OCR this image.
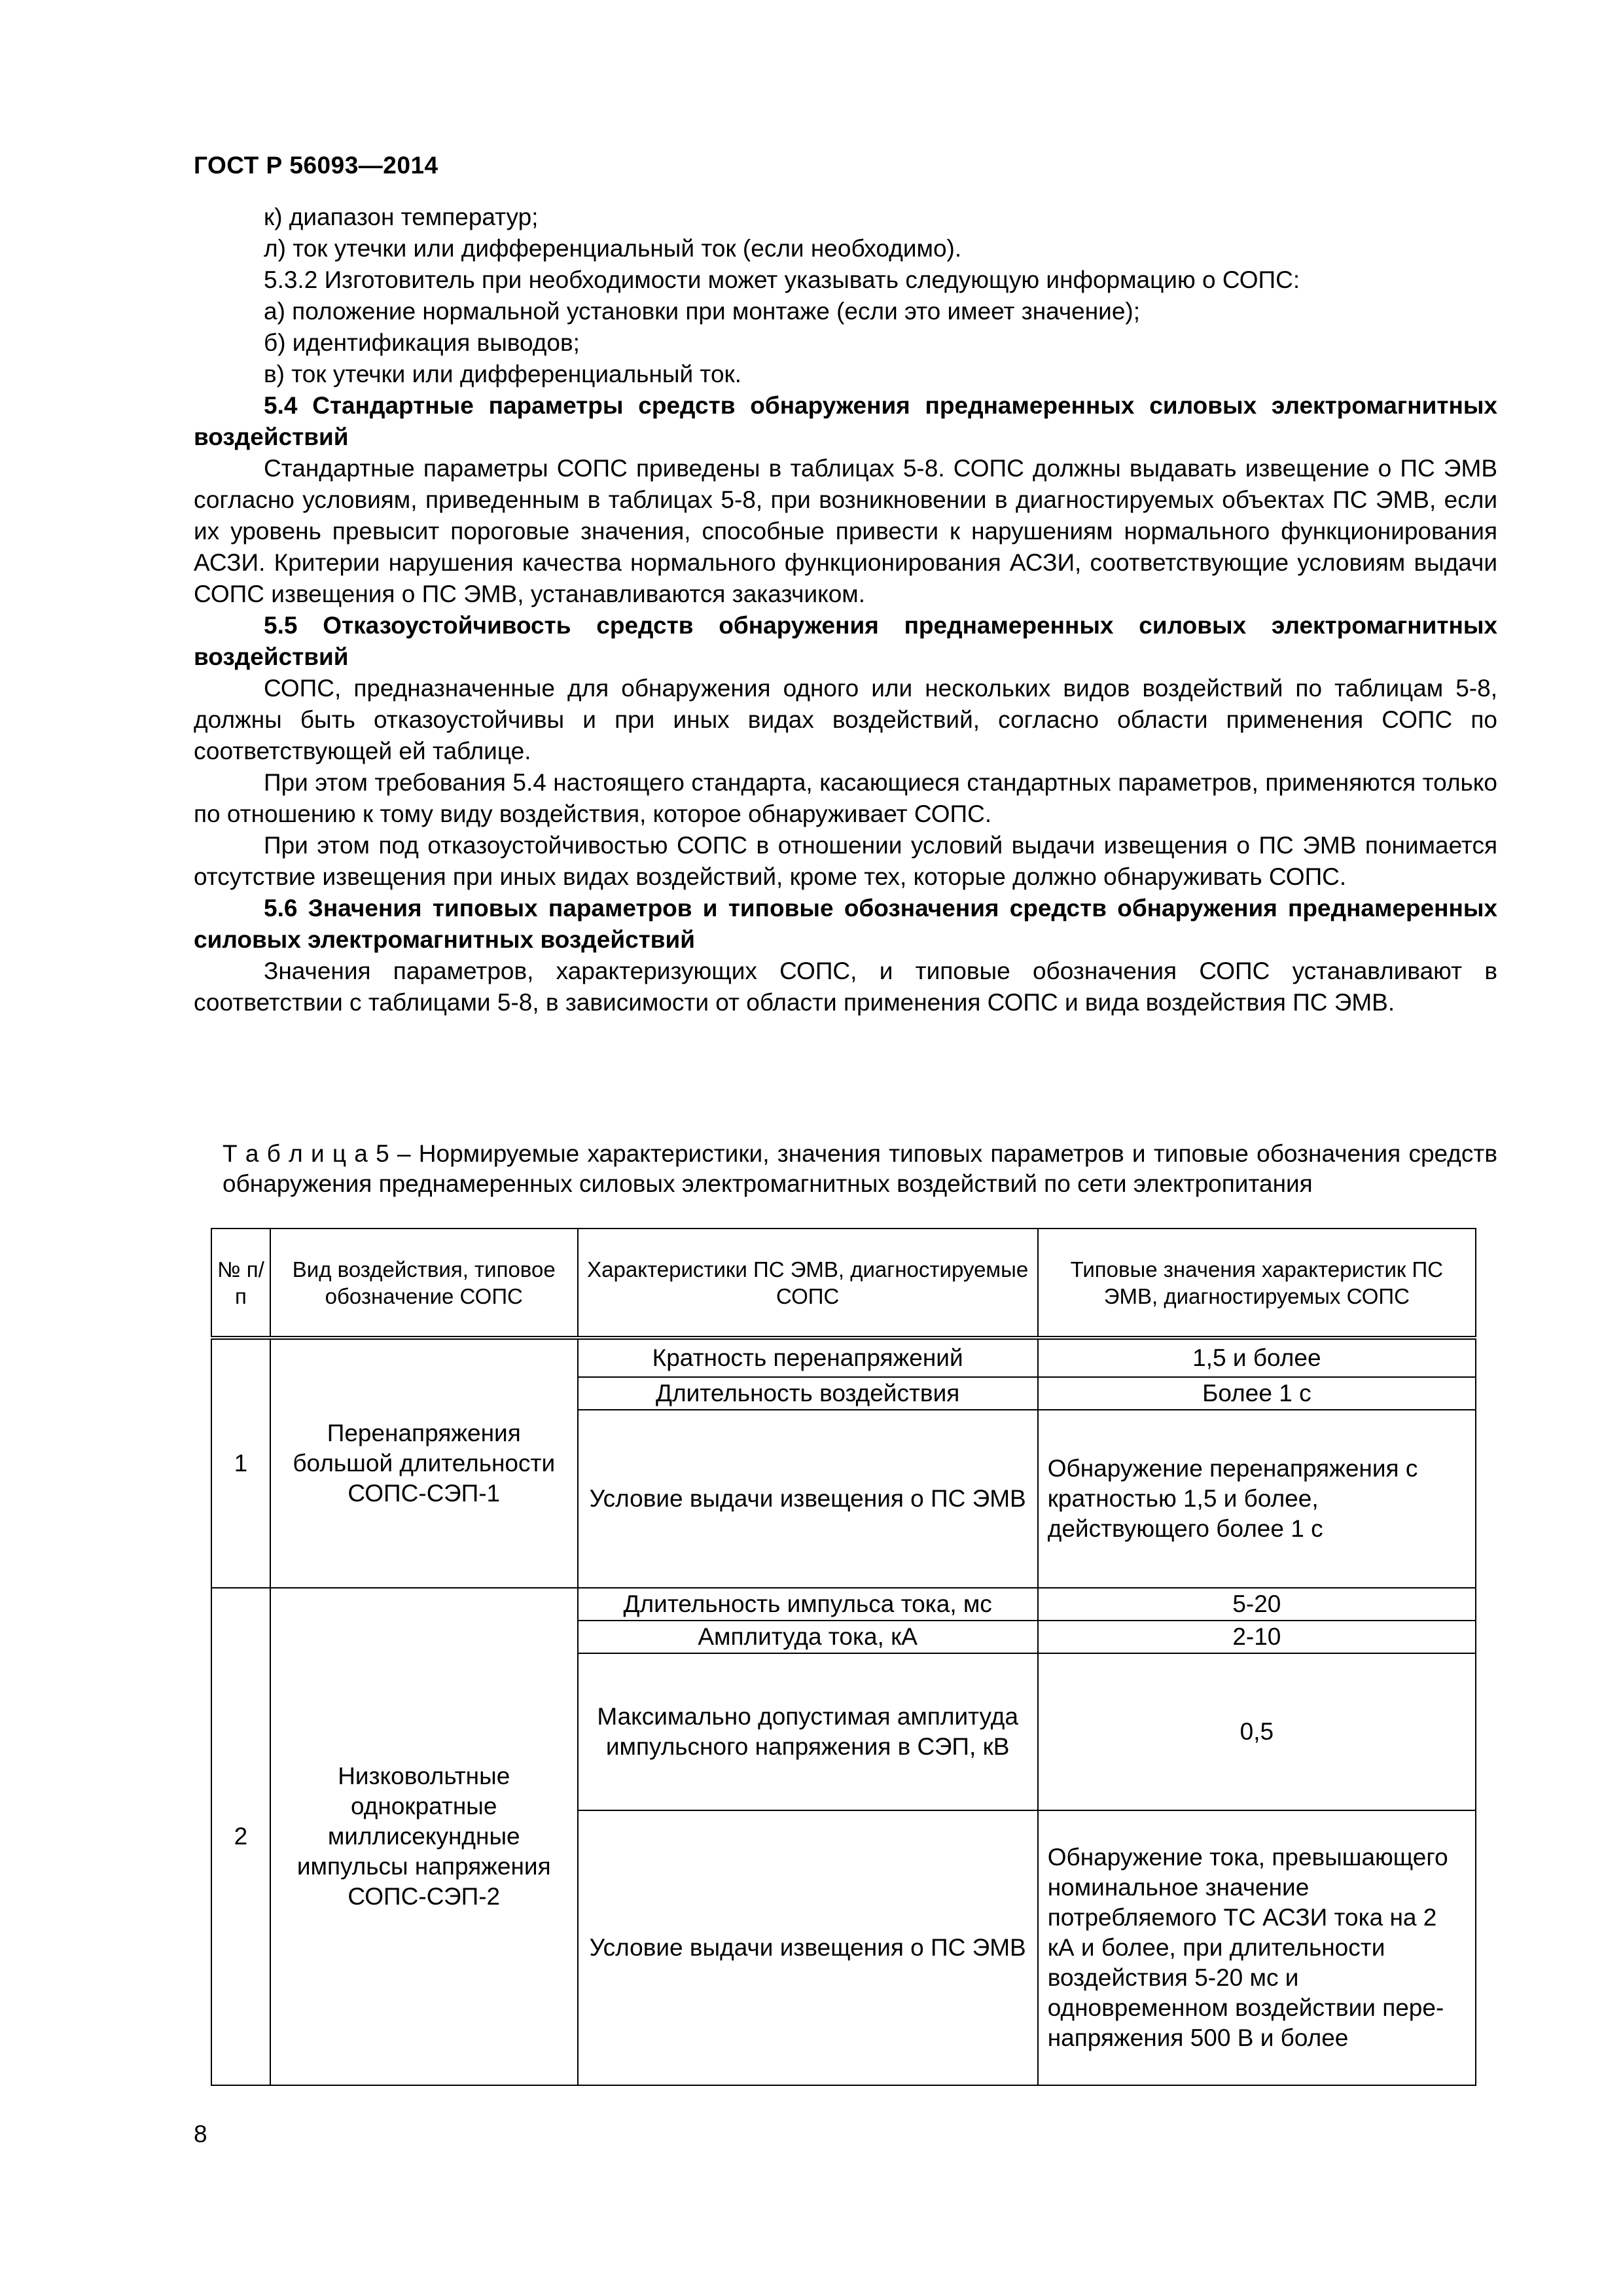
ГОСТ Р 56093—2014
к) диапазон температур;
л) ток утечки или дифференциальный ток (если необходимо).
5.3.2 Изготовитель при необходимости может указывать следующую информацию о СОПС:
а) положение нормальной установки при монтаже (если это имеет значение);
б) идентификация выводов;
в) ток утечки или дифференциальный ток.

5.4 Стандартные параметры средств обнаружения преднамеренных силовых электромагнитных воздействий

Стандартные параметры СОПС приведены в таблицах 5-8. СОПС должны выдавать извещение о ПС ЭМВ согласно условиям, приведенным в таблицах 5-8, при возникновении в диагностируемых объектах ПС ЭМВ, если их уровень превысит пороговые значения, способные привести к нарушениям нормального функционирования АСЗИ. Критерии нарушения качества нормального функционирования АСЗИ, соответствующие условиям выдачи СОПС извещения о ПС ЭМВ, устанавливаются заказчиком.

5.5 Отказоустойчивость средств обнаружения преднамеренных силовых электромагнитных воздействий

СОПС, предназначенные для обнаружения одного или нескольких видов воздействий по таблицам 5-8, должны быть отказоустойчивы и при иных видах воздействий, согласно области применения СОПС по соответствующей ей таблице.

При этом требования 5.4 настоящего стандарта, касающиеся стандартных параметров, применяются только по отношению к тому виду воздействия, которое обнаруживает СОПС.

При этом под отказоустойчивостью СОПС в отношении условий выдачи извещения о ПС ЭМВ понимается отсутствие извещения при иных видах воздействий, кроме тех, которые должно обнаруживать СОПС.

5.6 Значения типовых параметров и типовые обозначения средств обнаружения преднамеренных силовых электромагнитных воздействий

Значения параметров, характеризующих СОПС, и типовые обозначения СОПС устанавливают в соответствии с таблицами 5-8, в зависимости от области применения СОПС и вида воздействия ПС ЭМВ.

Т а б л и ц а 5 – Нормируемые характеристики, значения типовых параметров и типовые обозначения средств обнаружения преднамеренных силовых электромагнитных воздействий по сети электропитания
№ п/п	Вид воздействия, типовое обозначение СОПС	Характеристики ПС ЭМВ, диагностируемые СОПС	Типовые значения характеристик ПС ЭМВ, диагностируемых СОПС
1	Перенапряжения большой длительности СОПС-СЭП-1	Кратность перенапряжений	1,5 и более
		Длительность воздействия	Более 1 с
		Условие выдачи извещения о ПС ЭМВ	Обнаружение перенапряжения с кратностью 1,5 и более, действующего более 1 с
2	Низковольтные однократные миллисекундные импульсы напряжения СОПС-СЭП-2	Длительность импульса тока, мс	5-20
		Амплитуда тока, кА	2-10
		Максимально допустимая амплитуда импульсного напряжения в СЭП, кВ	0,5
		Условие выдачи извещения о ПС ЭМВ	Обнаружение тока, превышающего номинальное значение потребляемого ТС АСЗИ тока на 2 кА и более, при длительности воздействия 5-20 мс и одновременном воздействии пере-напряжения 500 В и более
8
